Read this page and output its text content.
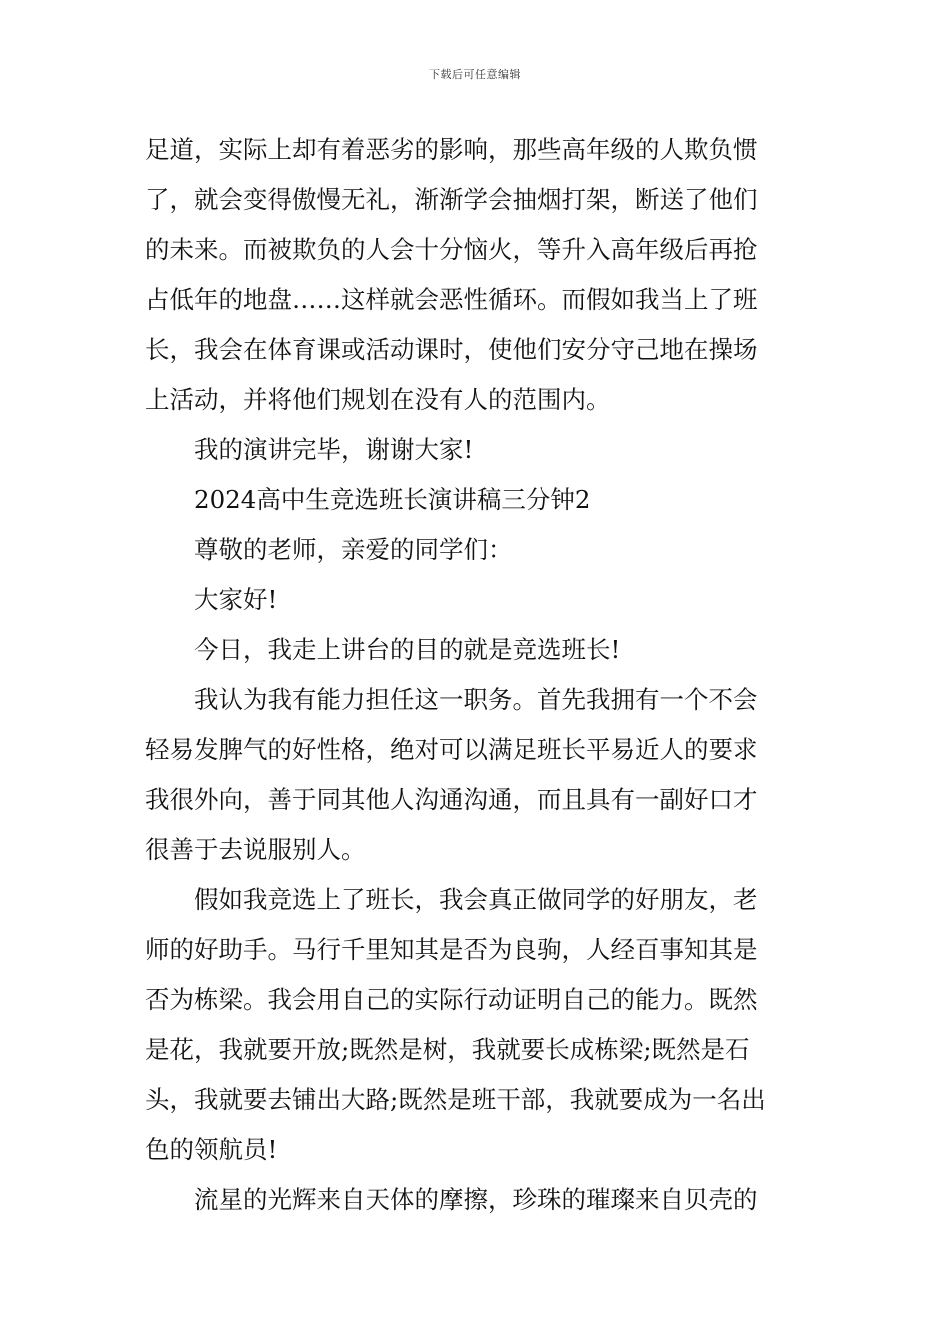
下载后可任意编辑
足道，实际上却有着恶劣的影响，那些高年级的人欺负惯
了，就会变得傲慢无礼，渐渐学会抽烟打架，断送了他们
的未来。而被欺负的人会十分恼火，等升入高年级后再抢
占低年的地盘……这样就会恶性循环。而假如我当上了班
长，我会在体育课或活动课时，使他们安分守己地在操场
上活动，并将他们规划在没有人的范围内。
我的演讲完毕，谢谢大家!
2024高中生竞选班长演讲稿三分钟2
尊敬的老师，亲爱的同学们：
大家好!
今日，我走上讲台的目的就是竞选班长!
我认为我有能力担任这一职务。首先我拥有一个不会
轻易发脾气的好性格，绝对可以满足班长平易近人的要求
我很外向，善于同其他人沟通沟通，而且具有一副好口才
很善于去说服别人。
假如我竞选上了班长，我会真正做同学的好朋友，老
师的好助手。马行千里知其是否为良驹，人经百事知其是
否为栋梁。我会用自己的实际行动证明自己的能力。既然
是花，我就要开放;既然是树，我就要长成栋梁;既然是石
头，我就要去铺出大路;既然是班干部，我就要成为一名出
色的领航员!
流星的光辉来自天体的摩擦，珍珠的璀璨来自贝壳的
